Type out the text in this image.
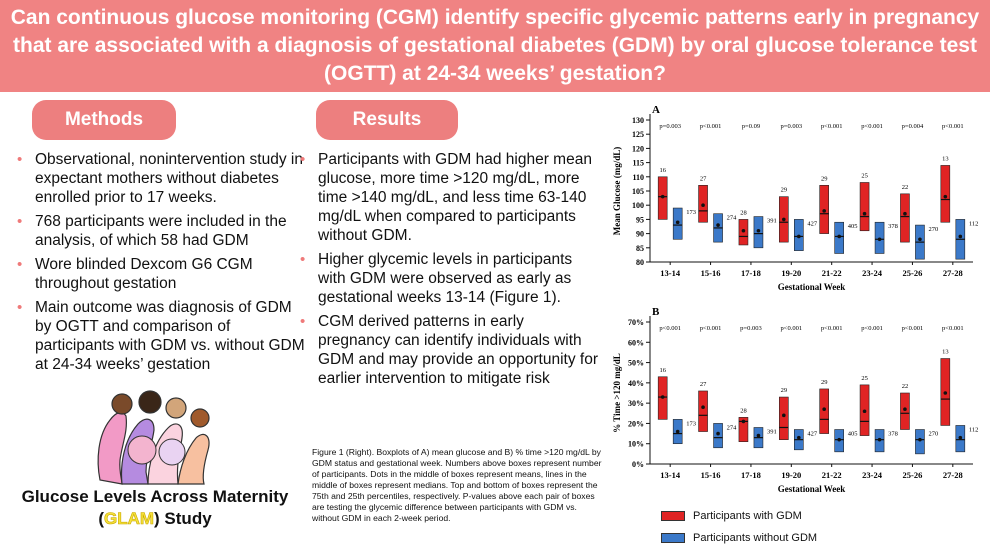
Can continuous glucose monitoring (CGM) identify specific glycemic patterns early in pregnancy that are associated with a diagnosis of gestational diabetes (GDM) by oral glucose tolerance test (OGTT) at 24-34 weeks’ gestation?
Methods	Results
• Observational, nonintervention study in expectant mothers without diabetes enrolled prior to 17 weeks.
• 768 participants were included in the analysis, of which 58 had GDM
• Wore blinded Dexcom G6 CGM throughout gestation
• Main outcome was diagnosis of GDM by OGTT and comparison of participants with GDM vs. without GDM at 24-34 weeks’ gestation
• Participants with GDM had higher mean glucose, more time >120 mg/dL, more time >140 mg/dL, and less time 63-140 mg/dL when compared to participants without GDM.
• Higher glycemic levels in participants with GDM were observed as early as gestational weeks 13-14 (Figure 1).
• CGM derived patterns in early pregnancy can identify individuals with GDM and may provide an opportunity for earlier intervention to mitigate risk
Glucose Levels Across Maternity (GLAM) Study
Figure 1 (Right). Boxplots of A) mean glucose and B) % time >120 mg/dL by GDM status and gestational week. Numbers above boxes represent number of participants. Dots in the middle of boxes represent means, lines in the middle of boxes represent medians. Top and bottom of boxes represent the 75th and 25th percentiles, respectively. P-values above each pair of boxes are testing the glycemic difference between participants with GDM vs. without GDM in each 2-week period.
A
80
85
90
95
100
105
110
115
120
125
130
Mean Glucose (mg/dL)
Gestational Week
13-14
p=0.003
16
173
15-16
p<0.001
27
274
17-18
p=0.09
28
391
19-20
p=0.003
29
427
21-22
p<0.001
29
405
23-24
p<0.001
25
378
25-26
p=0.004
22
270
27-28
p<0.001
13
112
B
0%
10%
20%
30%
40%
50%
60%
70%
% Time >120 mg/dL
Gestational Week
13-14
p<0.001
16
173
15-16
p<0.001
27
274
17-18
p=0.003
28
391
19-20
p<0.001
29
427
21-22
p<0.001
29
405
23-24
p<0.001
25
378
25-26
p<0.001
22
270
27-28
p<0.001
13
112
Participants with GDM
Participants without GDM
